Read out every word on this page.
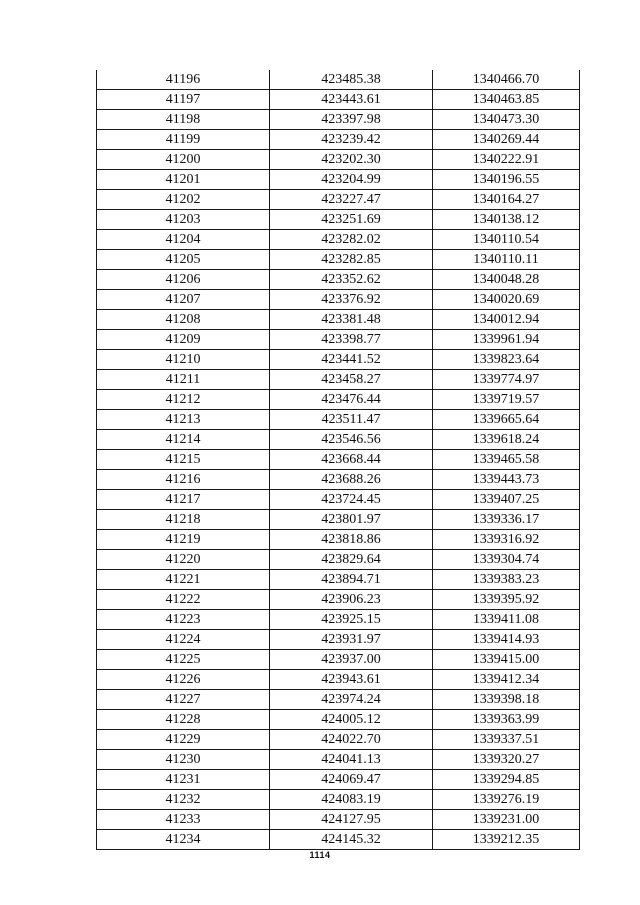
41196	423485.38	1340466.70
41197	423443.61	1340463.85
41198	423397.98	1340473.30
41199	423239.42	1340269.44
41200	423202.30	1340222.91
41201	423204.99	1340196.55
41202	423227.47	1340164.27
41203	423251.69	1340138.12
41204	423282.02	1340110.54
41205	423282.85	1340110.11
41206	423352.62	1340048.28
41207	423376.92	1340020.69
41208	423381.48	1340012.94
41209	423398.77	1339961.94
41210	423441.52	1339823.64
41211	423458.27	1339774.97
41212	423476.44	1339719.57
41213	423511.47	1339665.64
41214	423546.56	1339618.24
41215	423668.44	1339465.58
41216	423688.26	1339443.73
41217	423724.45	1339407.25
41218	423801.97	1339336.17
41219	423818.86	1339316.92
41220	423829.64	1339304.74
41221	423894.71	1339383.23
41222	423906.23	1339395.92
41223	423925.15	1339411.08
41224	423931.97	1339414.93
41225	423937.00	1339415.00
41226	423943.61	1339412.34
41227	423974.24	1339398.18
41228	424005.12	1339363.99
41229	424022.70	1339337.51
41230	424041.13	1339320.27
41231	424069.47	1339294.85
41232	424083.19	1339276.19
41233	424127.95	1339231.00
41234	424145.32	1339212.35
1114
